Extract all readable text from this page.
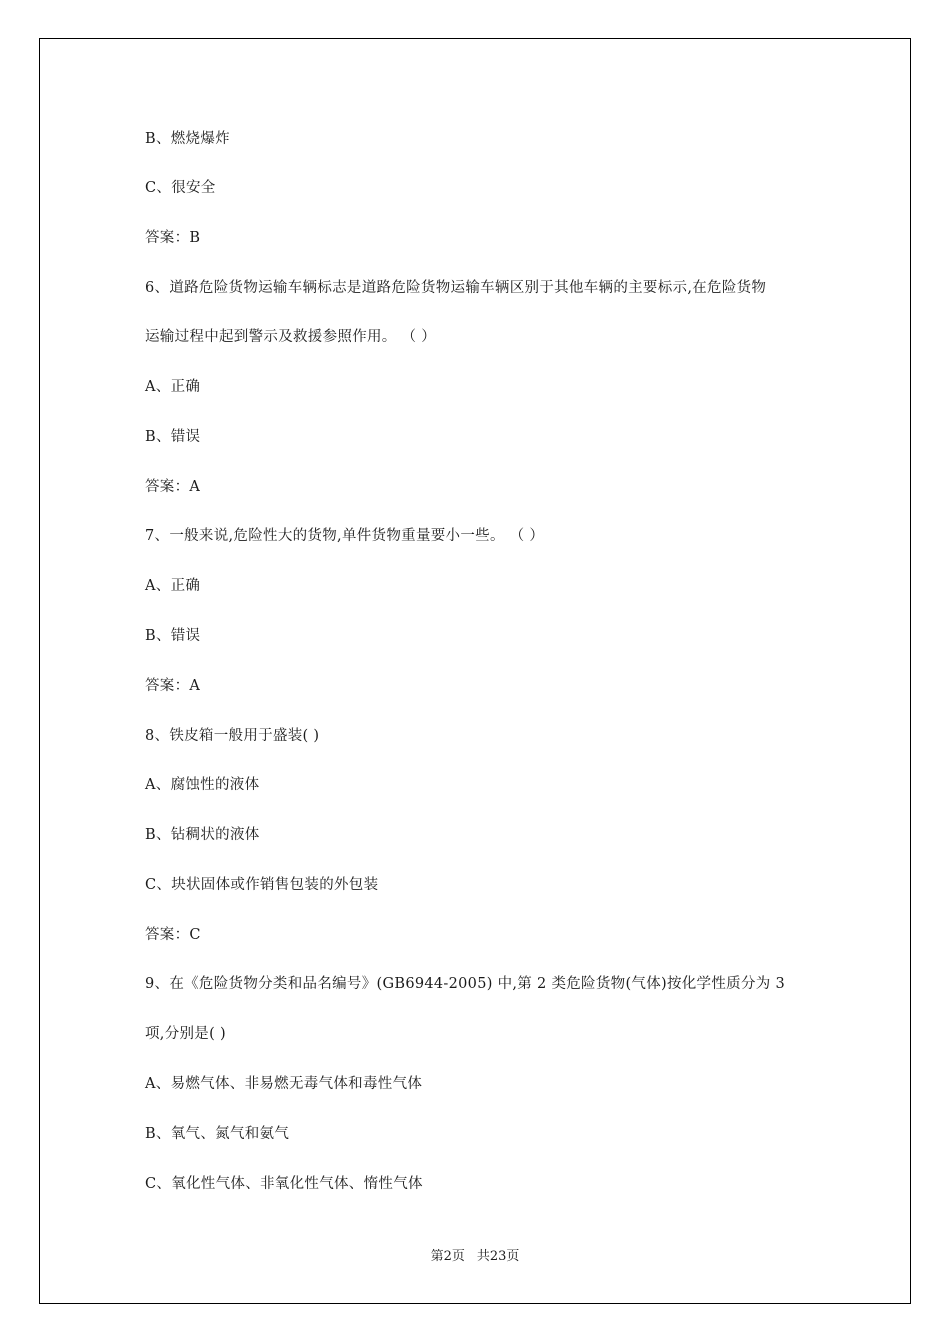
B、燃烧爆炸
C、很安全
答案：B
6、道路危险货物运输车辆标志是道路危险货物运输车辆区别于其他车辆的主要标示,在危险货物
运输过程中起到警示及救援参照作用。 （ ）
A、正确
B、错误
答案：A
7、一般来说,危险性大的货物,单件货物重量要小一些。 （ ）
A、正确
B、错误
答案：A
8、铁皮箱一般用于盛装( )
A、腐蚀性的液体
B、钻稠状的液体
C、块状固体或作销售包装的外包装
答案：C
9、在《危险货物分类和品名编号》(GB6944-2005) 中,第 2 类危险货物(气体)按化学性质分为 3
项,分别是( )
A、易燃气体、非易燃无毒气体和毒性气体
B、氧气、氮气和氨气
C、氧化性气体、非氧化性气体、惰性气体
第2页 共23页
